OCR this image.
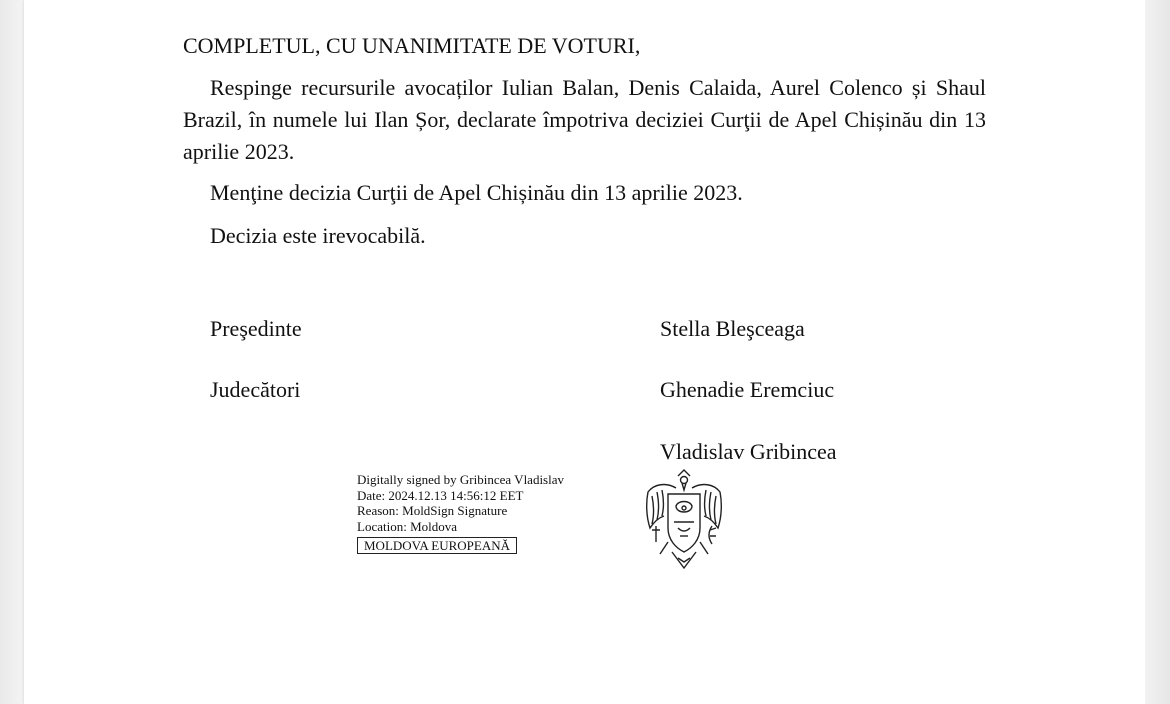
COMPLETUL, CU UNANIMITATE DE VOTURI,
Respinge recursurile avocaților Iulian Balan, Denis Calaida, Aurel Colenco și Shaul Brazil, în numele lui Ilan Șor, declarate împotriva deciziei Curţii de Apel Chișinău din 13 aprilie 2023.
Menţine decizia Curţii de Apel Chișinău din 13 aprilie 2023.
Decizia este irevocabilă.
Preşedinte	Stella Bleşceaga
Judecători	Ghenadie Eremciuc
Vladislav Gribincea
Digitally signed by Gribincea Vladislav
Date: 2024.12.13 14:56:12 EET
Reason: MoldSign Signature
Location: Moldova
MOLDOVA EUROPEANĂ
